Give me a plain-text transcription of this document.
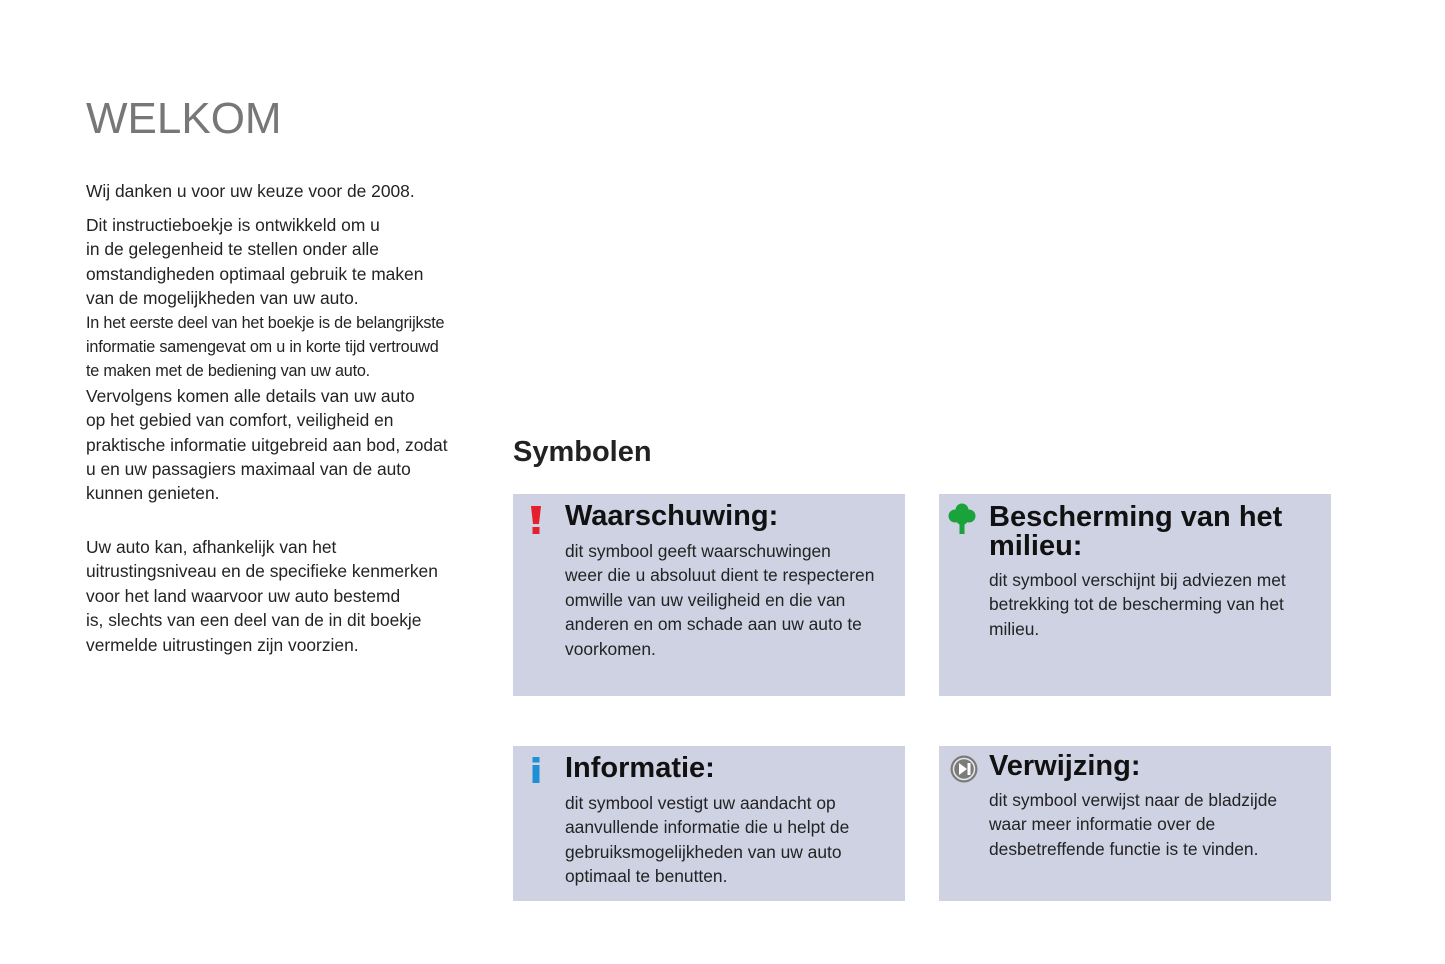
WELKOM

Wij danken u voor uw keuze voor de 2008.

Dit instructieboekje is ontwikkeld om u
in de gelegenheid te stellen onder alle
omstandigheden optimaal gebruik te maken
van de mogelijkheden van uw auto.

In het eerste deel van het boekje is de belangrijkste
informatie samengevat om u in korte tijd vertrouwd
te maken met de bediening van uw auto.

Vervolgens komen alle details van uw auto
op het gebied van comfort, veiligheid en
praktische informatie uitgebreid aan bod, zodat
u en uw passagiers maximaal van de auto
kunnen genieten.

Uw auto kan, afhankelijk van het
uitrustingsniveau en de specifieke kenmerken
voor het land waarvoor uw auto bestemd
is, slechts van een deel van de in dit boekje
vermelde uitrustingen zijn voorzien.

Symbolen
Waarschuwing:

dit symbool geeft waarschuwingen
weer die u absoluut dient te respecteren
omwille van uw veiligheid en die van
anderen en om schade aan uw auto te
voorkomen.

Bescherming van het
milieu:

dit symbool verschijnt bij adviezen met
betrekking tot de bescherming van het
milieu.

Informatie:

dit symbool vestigt uw aandacht op
aanvullende informatie die u helpt de
gebruiksmogelijkheden van uw auto
optimaal te benutten.

Verwijzing:

dit symbool verwijst naar de bladzijde
waar meer informatie over de
desbetreffende functie is te vinden.
